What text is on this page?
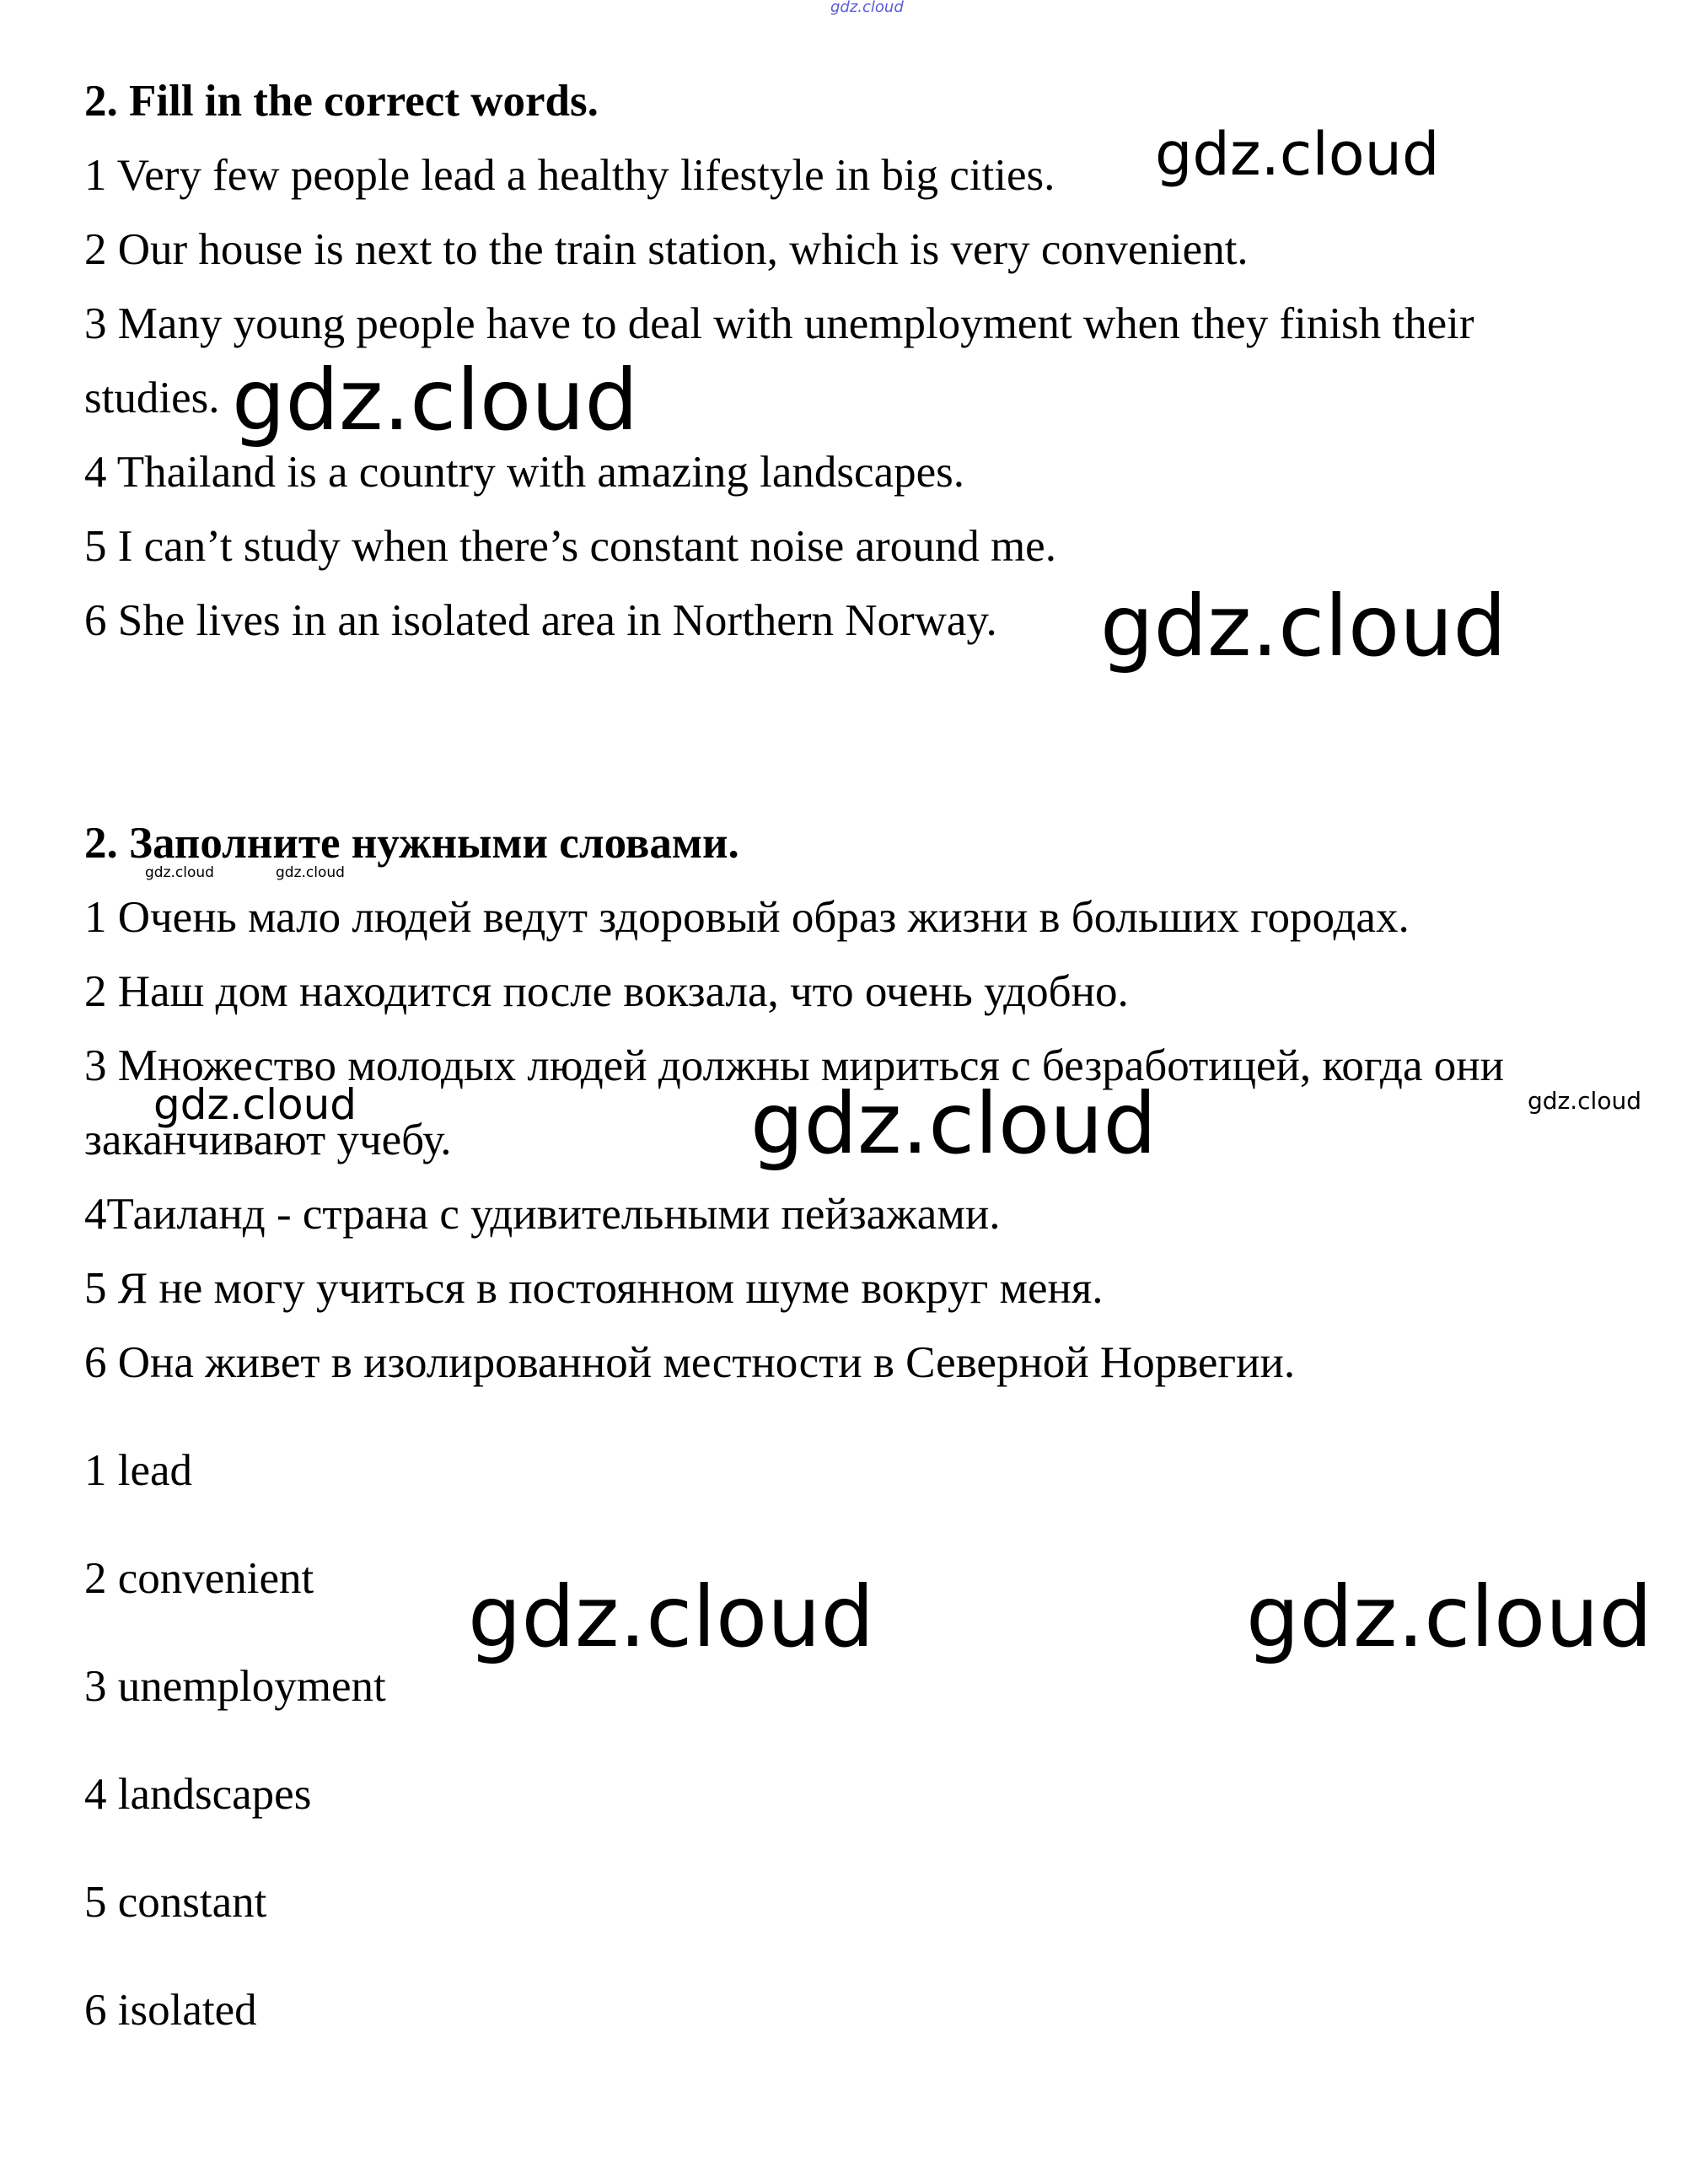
gdz.cloud

2. Fill in the correct words.

1 Very few people lead a healthy lifestyle in big cities.

2 Our house is next to the train station, which is very convenient.

3 Many young people have to deal with unemployment when they finish their

studies.

4 Thailand is a country with amazing landscapes.

5 I can’t study when there’s constant noise around me.

6 She lives in an isolated area in Northern Norway.

2. Заполните нужными словами.

1 Очень мало людей ведут здоровый образ жизни в больших городах.

2 Наш дом находится после вокзала, что очень удобно.

3 Множество молодых людей должны мириться с безработицей, когда они

заканчивают учебу.

4Таиланд - страна с удивительными пейзажами.

5 Я не могу учиться в постоянном шуме вокруг меня.

6 Она живет в изолированной местности в Северной Норвегии.

1 lead

2 convenient

3 unemployment

4 landscapes

5 constant

6 isolated

gdz.cloud
gdz.cloud
gdz.cloud
gdz.cloud	gdz.cloud
gdz.cloud	gdz.cloud	gdz.cloud
gdz.cloud	gdz.cloud
